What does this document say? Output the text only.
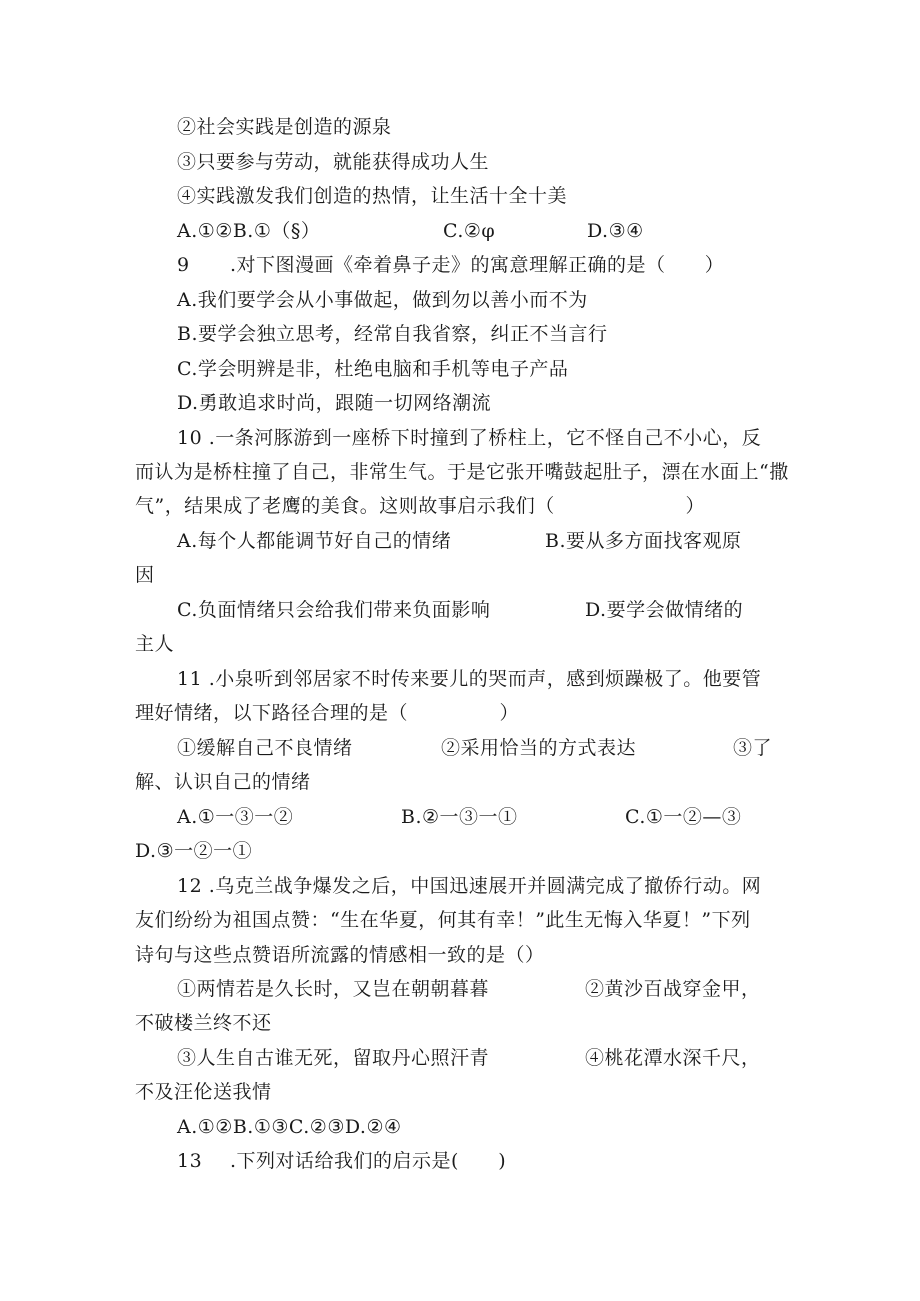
②社会实践是创造的源泉
③只要参与劳动，就能获得成功人生
④实践激发我们创造的热情，让生活十全十美
A.①②B.①（§）	C.②φ	D.③④
9 .对下图漫画《牵着鼻子走》的寓意理解正确的是（      ）
A.我们要学会从小事做起，做到勿以善小而不为
B.要学会独立思考，经常自我省察，纠正不当言行
C.学会明辨是非，杜绝电脑和手机等电子产品
D.勇敢追求时尚，跟随一切网络潮流
10 .一条河豚游到一座桥下时撞到了桥柱上，它不怪自己不小心，反
而认为是桥柱撞了自己，非常生气。于是它张开嘴鼓起肚子，漂在水面上“撒
气”，结果成了老鹰的美食。这则故事启示我们（                    ）
A.每个人都能调节好自己的情绪	B.要从多方面找客观原
因
C.负面情绪只会给我们带来负面影响	D.要学会做情绪的
主人
11 .小泉听到邻居家不时传来要儿的哭而声，感到烦躁极了。他要管
理好情绪，以下路径合理的是（              ）
①缓解自己不良情绪	②采用恰当的方式表达	③了
解、认识自己的情绪
A.①一③一②	B.②一③一①	C.①一②—③
D.③一②一①
12 .乌克兰战争爆发之后，中国迅速展开并圆满完成了撤侨行动。网
友们纷纷为祖国点赞：“生在华夏，何其有幸！”此生无悔入华夏！”下列
诗句与这些点赞语所流露的情感相一致的是（）
①两情若是久长时，又岂在朝朝暮暮	②黄沙百战穿金甲，
不破楼兰终不还
③人生自古谁无死，留取丹心照汗青	④桃花潭水深千尺，
不及汪伦送我情
A.①②B.①③C.②③D.②④
13 .下列对话给我们的启示是(      )
